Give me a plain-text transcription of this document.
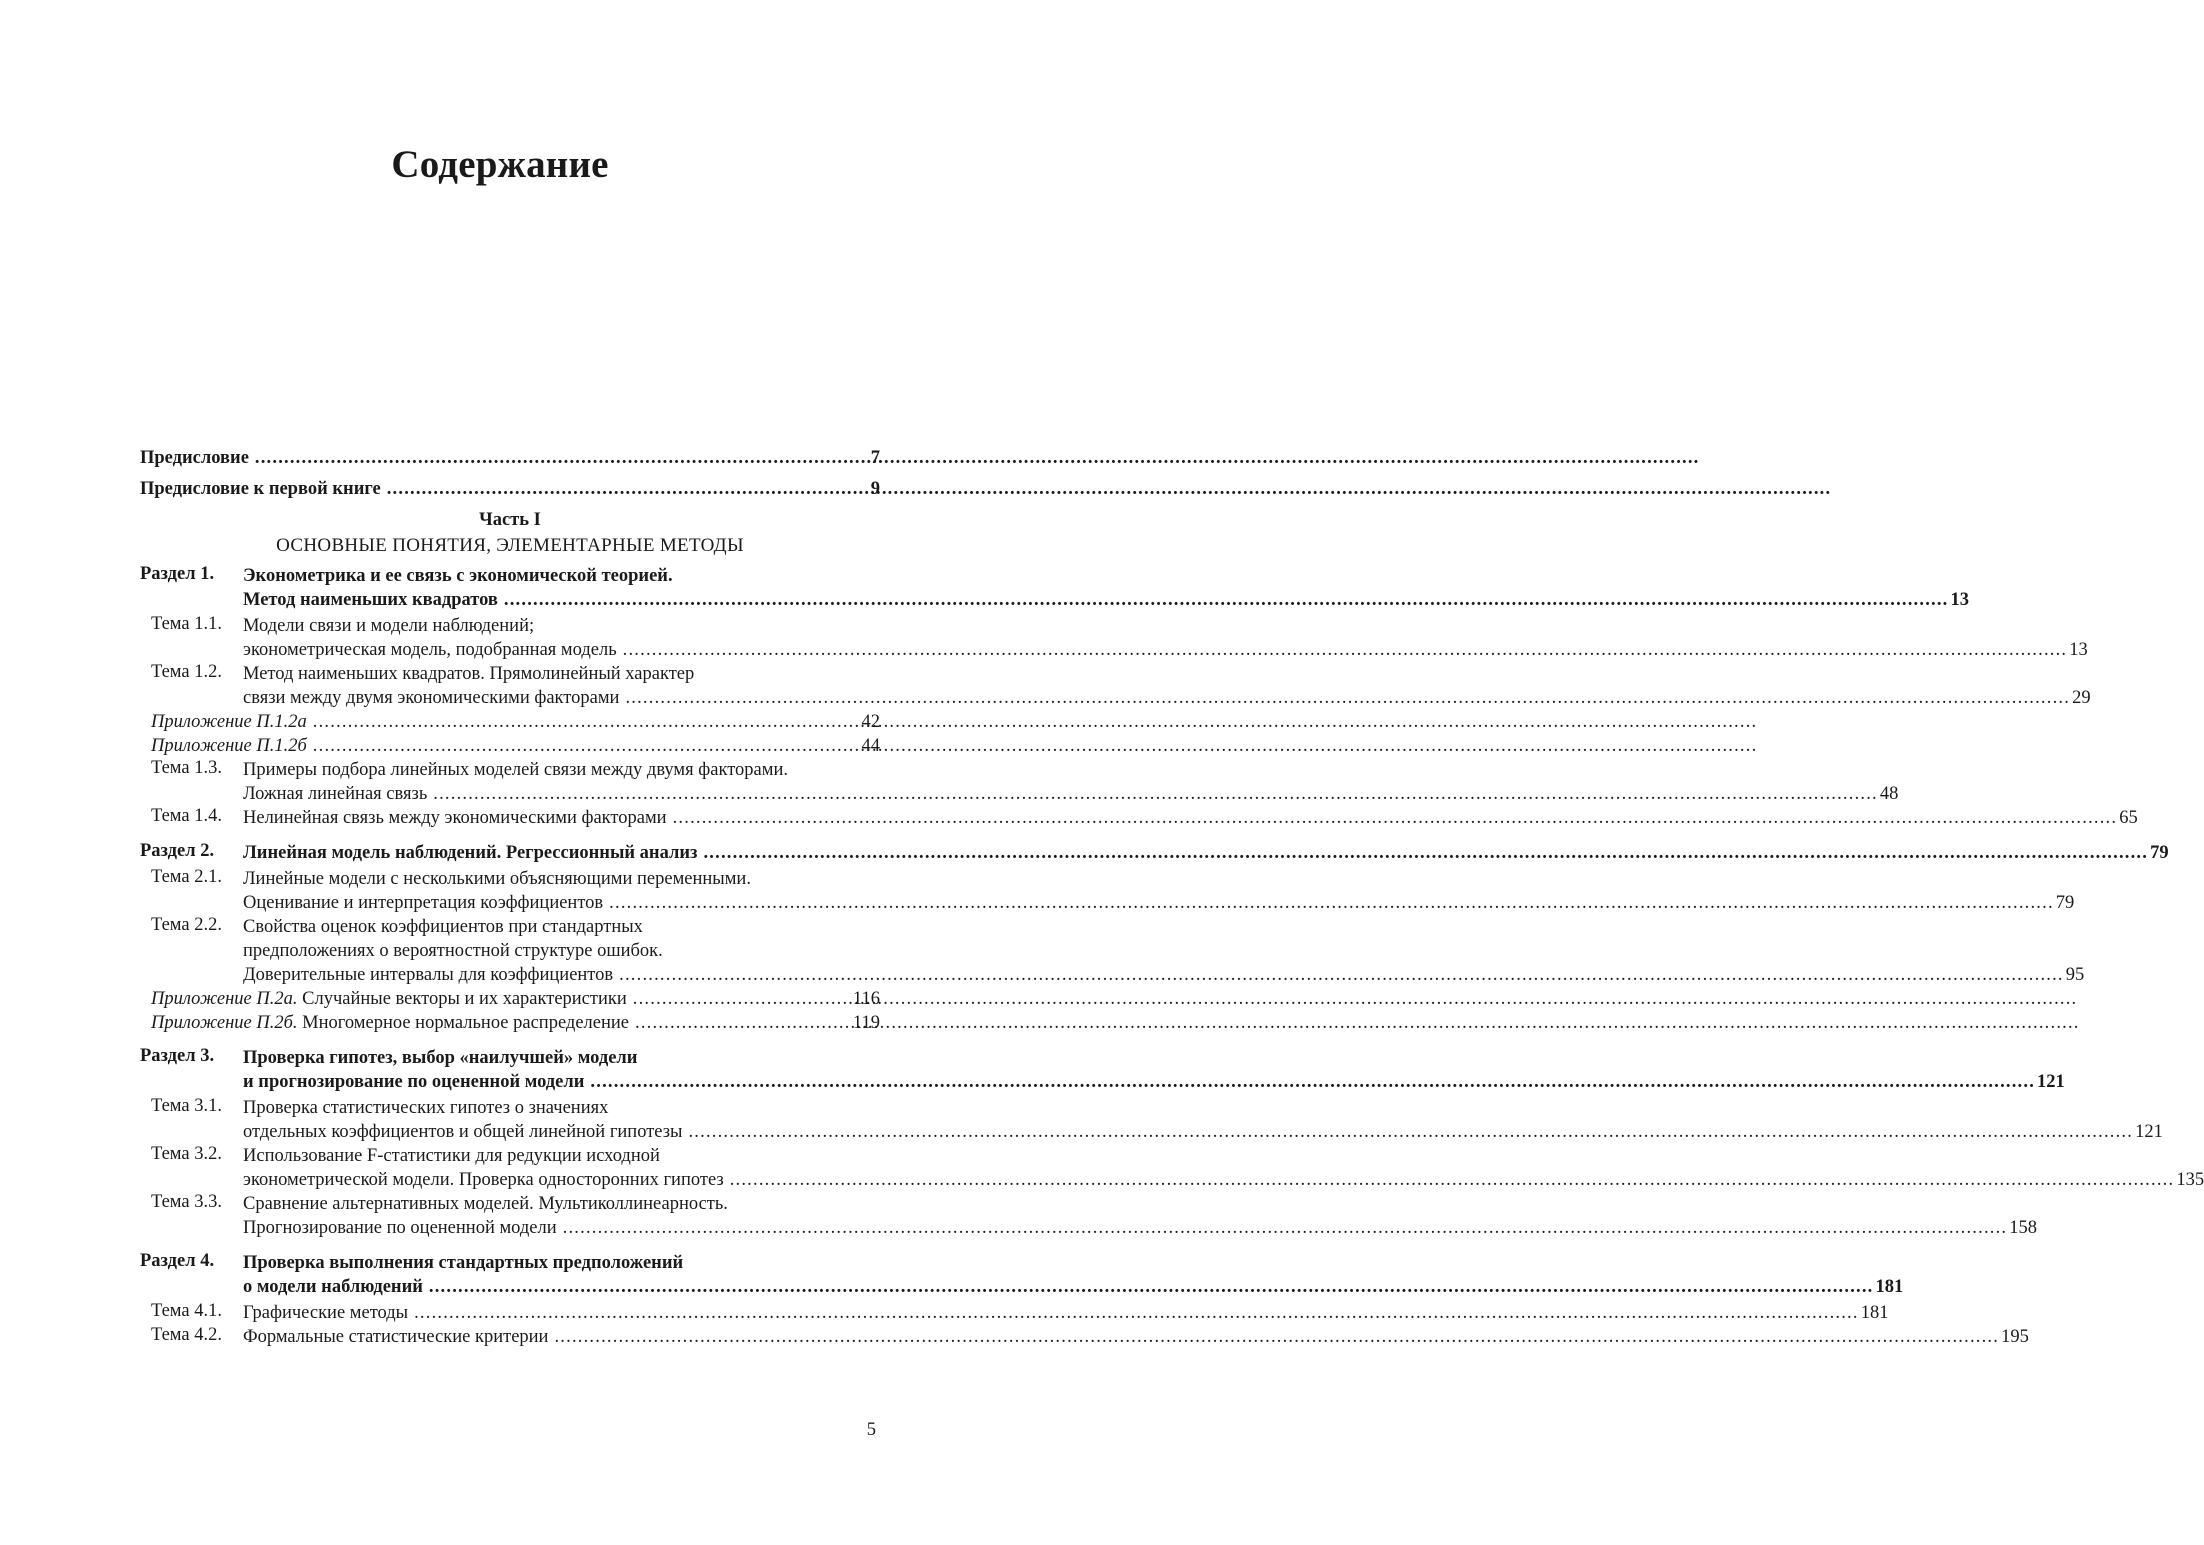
Содержание
Предисловие .....	7
Предисловие к первой книге .....	9
Часть I
ОСНОВНЫЕ ПОНЯТИЯ, ЭЛЕМЕНТАРНЫЕ МЕТОДЫ
Раздел 1.	Эконометрика и ее связь с экономической теорией.
Метод наименьших квадратов .....	13
Тема 1.1.	Модели связи и модели наблюдений;
эконометрическая модель, подобранная модель .....	13
Тема 1.2.	Метод наименьших квадратов. Прямолинейный характер
связи между двумя экономическими факторами .....	29
Приложение П.1.2а .....	42
Приложение П.1.2б .....	44
Тема 1.3.	Примеры подбора линейных моделей связи между двумя факторами.
Ложная линейная связь .....	48
Тема 1.4.	Нелинейная связь между экономическими факторами .....	65
Раздел 2.	Линейная модель наблюдений. Регрессионный анализ .....	79
Тема 2.1.	Линейные модели с несколькими объясняющими переменными.
Оценивание и интерпретация коэффициентов .....	79
Тема 2.2.	Свойства оценок коэффициентов при стандартных
предположениях о вероятностной структуре ошибок.
Доверительные интервалы для коэффициентов .....	95
Приложение П.2а. Случайные векторы и их характеристики .....	116
Приложение П.2б. Многомерное нормальное распределение .....	119
Раздел 3.	Проверка гипотез, выбор «наилучшей» модели
и прогнозирование по оцененной модели .....	121
Тема 3.1.	Проверка статистических гипотез о значениях
отдельных коэффициентов и общей линейной гипотезы .....	121
Тема 3.2.	Использование F-статистики для редукции исходной
эконометрической модели. Проверка односторонних гипотез .....	135
Тема 3.3.	Сравнение альтернативных моделей. Мультиколлинеарность.
Прогнозирование по оцененной модели .....	158
Раздел 4.	Проверка выполнения стандартных предположений
о модели наблюдений .....	181
Тема 4.1.	Графические методы .....	181
Тема 4.2.	Формальные статистические критерии .....	195
5
